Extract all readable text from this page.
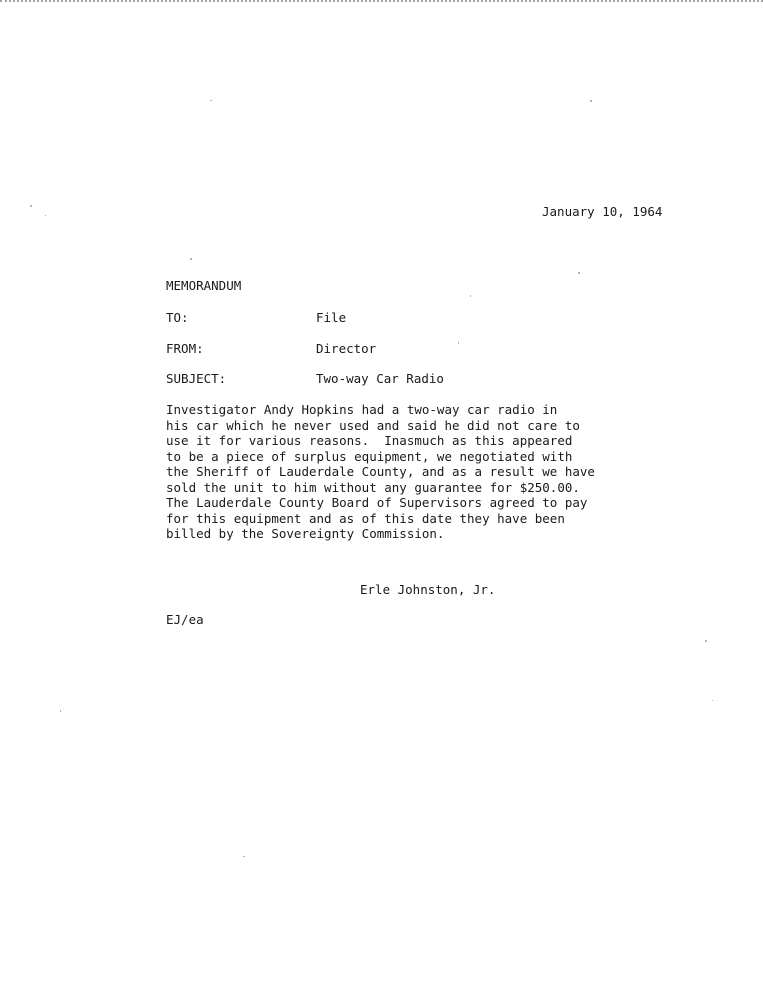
January 10, 1964
MEMORANDUM
TO:	File
FROM:	Director
SUBJECT:	Two-way Car Radio
Investigator Andy Hopkins had a two-way car radio in
his car which he never used and said he did not care to
use it for various reasons.  Inasmuch as this appeared
to be a piece of surplus equipment, we negotiated with
the Sheriff of Lauderdale County, and as a result we have
sold the unit to him without any guarantee for $250.00.
The Lauderdale County Board of Supervisors agreed to pay
for this equipment and as of this date they have been
billed by the Sovereignty Commission.
Erle Johnston, Jr.
EJ/ea
